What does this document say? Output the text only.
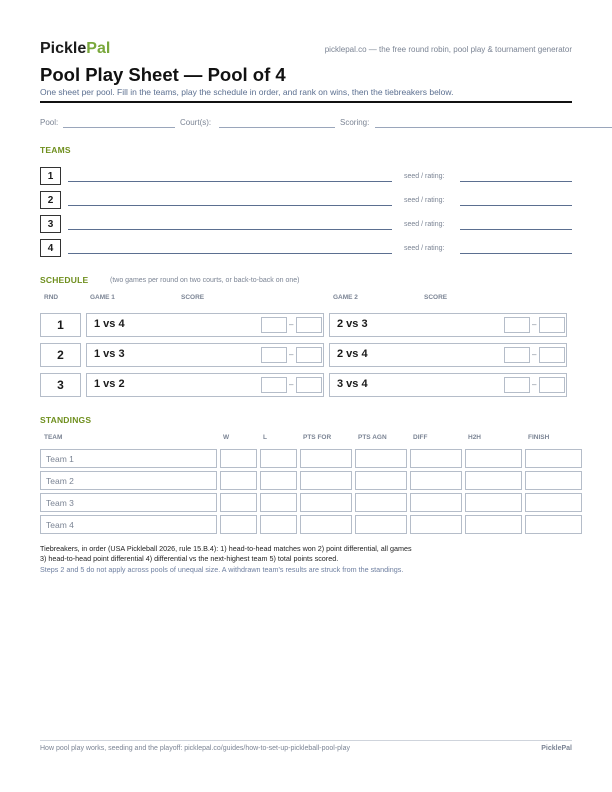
PicklePal	picklepal.co — the free round robin, pool play & tournament generator
Pool Play Sheet — Pool of 4
One sheet per pool. Fill in the teams, play the schedule in order, and rank on wins, then the tiebreakers below.
Pool:	Court(s):	Scoring:
TEAMS
1	seed / rating:
2	seed / rating:
3	seed / rating:
4	seed / rating:
SCHEDULE	(two games per round on two courts, or back-to-back on one)
RND	GAME 1	SCORE	GAME 2	SCORE
1	1 vs 4	–	2 vs 3	–
2	1 vs 3	–	2 vs 4	–
3	1 vs 2	–	3 vs 4	–
STANDINGS
TEAM	W	L	PTS FOR	PTS AGN	DIFF	H2H	FINISH
Team 1
Team 2
Team 3
Team 4
Tiebreakers, in order (USA Pickleball 2026, rule 15.B.4): 1) head-to-head matches won 2) point differential, all games
3) head-to-head point differential 4) differential vs the next-highest team 5) total points scored.
Steps 2 and 5 do not apply across pools of unequal size. A withdrawn team's results are struck from the standings.
How pool play works, seeding and the playoff: picklepal.co/guides/how-to-set-up-pickleball-pool-play	PicklePal
